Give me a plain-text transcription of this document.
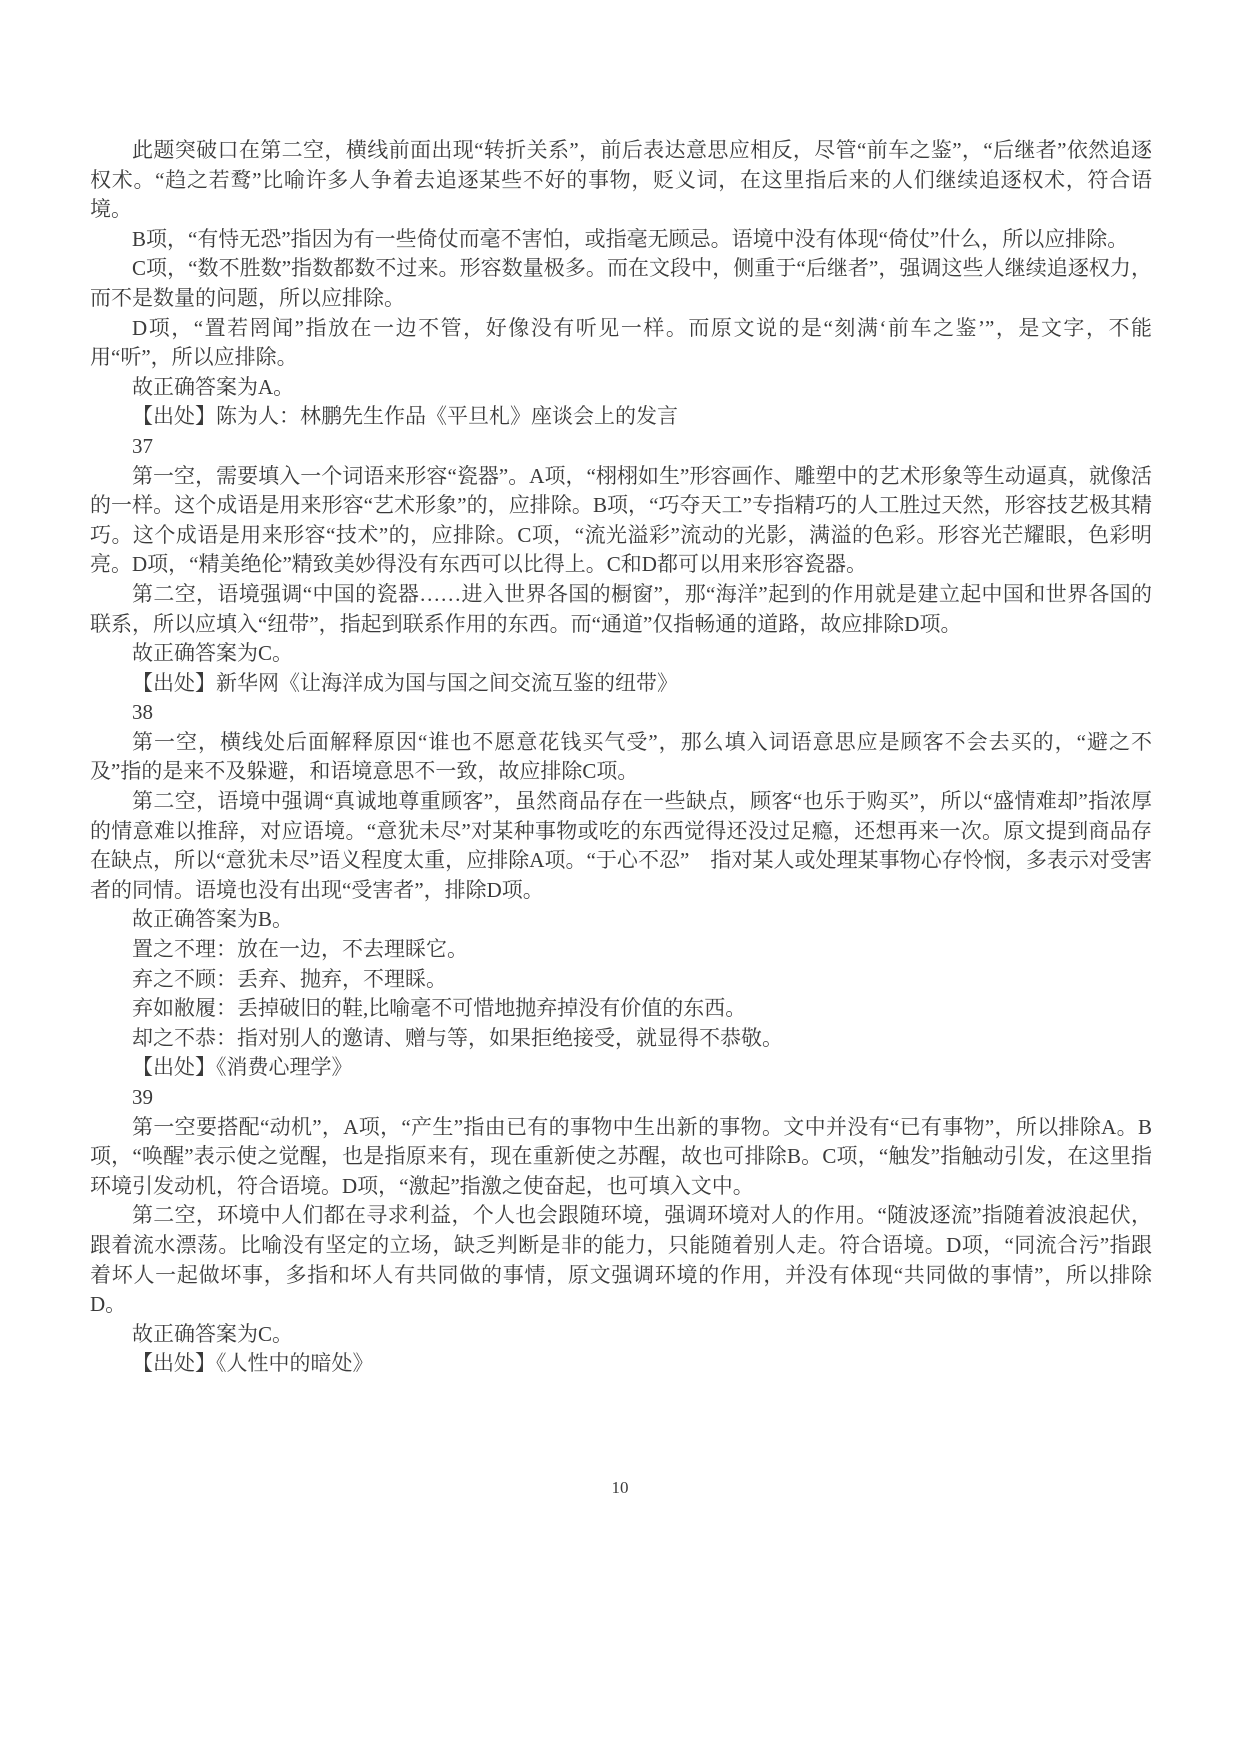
此题突破口在第二空，横线前面出现“转折关系”，前后表达意思应相反，尽管“前车之鉴”，“后继者”依然追逐权术。“趋之若鹜”比喻许多人争着去追逐某些不好的事物，贬义词，在这里指后来的人们继续追逐权术，符合语境。

B项，“有恃无恐”指因为有一些倚仗而毫不害怕，或指毫无顾忌。语境中没有体现“倚仗”什么，所以应排除。

C项，“数不胜数”指数都数不过来。形容数量极多。而在文段中，侧重于“后继者”，强调这些人继续追逐权力，而不是数量的问题，所以应排除。

D项，“置若罔闻”指放在一边不管，好像没有听见一样。而原文说的是“刻满‘前车之鉴’”，是文字，不能用“听”，所以应排除。

故正确答案为A。

【出处】陈为人：林鹏先生作品《平旦札》座谈会上的发言

37

第一空，需要填入一个词语来形容“瓷器”。A项，“栩栩如生”形容画作、雕塑中的艺术形象等生动逼真，就像活的一样。这个成语是用来形容“艺术形象”的，应排除。B项，“巧夺天工”专指精巧的人工胜过天然，形容技艺极其精巧。这个成语是用来形容“技术”的，应排除。C项，“流光溢彩”流动的光影，满溢的色彩。形容光芒耀眼，色彩明亮。D项，“精美绝伦”精致美妙得没有东西可以比得上。C和D都可以用来形容瓷器。

第二空，语境强调“中国的瓷器……进入世界各国的橱窗”，那“海洋”起到的作用就是建立起中国和世界各国的联系，所以应填入“纽带”，指起到联系作用的东西。而“通道”仅指畅通的道路，故应排除D项。

故正确答案为C。

【出处】新华网《让海洋成为国与国之间交流互鉴的纽带》

38

第一空，横线处后面解释原因“谁也不愿意花钱买气受”，那么填入词语意思应是顾客不会去买的，“避之不及”指的是来不及躲避，和语境意思不一致，故应排除C项。

第二空，语境中强调“真诚地尊重顾客”，虽然商品存在一些缺点，顾客“也乐于购买”，所以“盛情难却”指浓厚的情意难以推辞，对应语境。“意犹未尽”对某种事物或吃的东西觉得还没过足瘾，还想再来一次。原文提到商品存在缺点，所以“意犹未尽”语义程度太重，应排除A项。“于心不忍”　指对某人或处理某事物心存怜悯，多表示对受害者的同情。语境也没有出现“受害者”，排除D项。

故正确答案为B。

置之不理：放在一边，不去理睬它。

弃之不顾：丢弃、抛弃，不理睬。

弃如敝履：丢掉破旧的鞋,比喻毫不可惜地抛弃掉没有价值的东西。

却之不恭：指对别人的邀请、赠与等，如果拒绝接受，就显得不恭敬。

【出处】《消费心理学》

39

第一空要搭配“动机”，A项，“产生”指由已有的事物中生出新的事物。文中并没有“已有事物”，所以排除A。B项，“唤醒”表示使之觉醒，也是指原来有，现在重新使之苏醒，故也可排除B。C项，“触发”指触动引发，在这里指环境引发动机，符合语境。D项，“激起”指激之使奋起，也可填入文中。

第二空，环境中人们都在寻求利益，个人也会跟随环境，强调环境对人的作用。“随波逐流”指随着波浪起伏，跟着流水漂荡。比喻没有坚定的立场，缺乏判断是非的能力，只能随着别人走。符合语境。D项，“同流合污”指跟着坏人一起做坏事，多指和坏人有共同做的事情，原文强调环境的作用，并没有体现“共同做的事情”，所以排除D。

故正确答案为C。

【出处】《人性中的暗处》

10
